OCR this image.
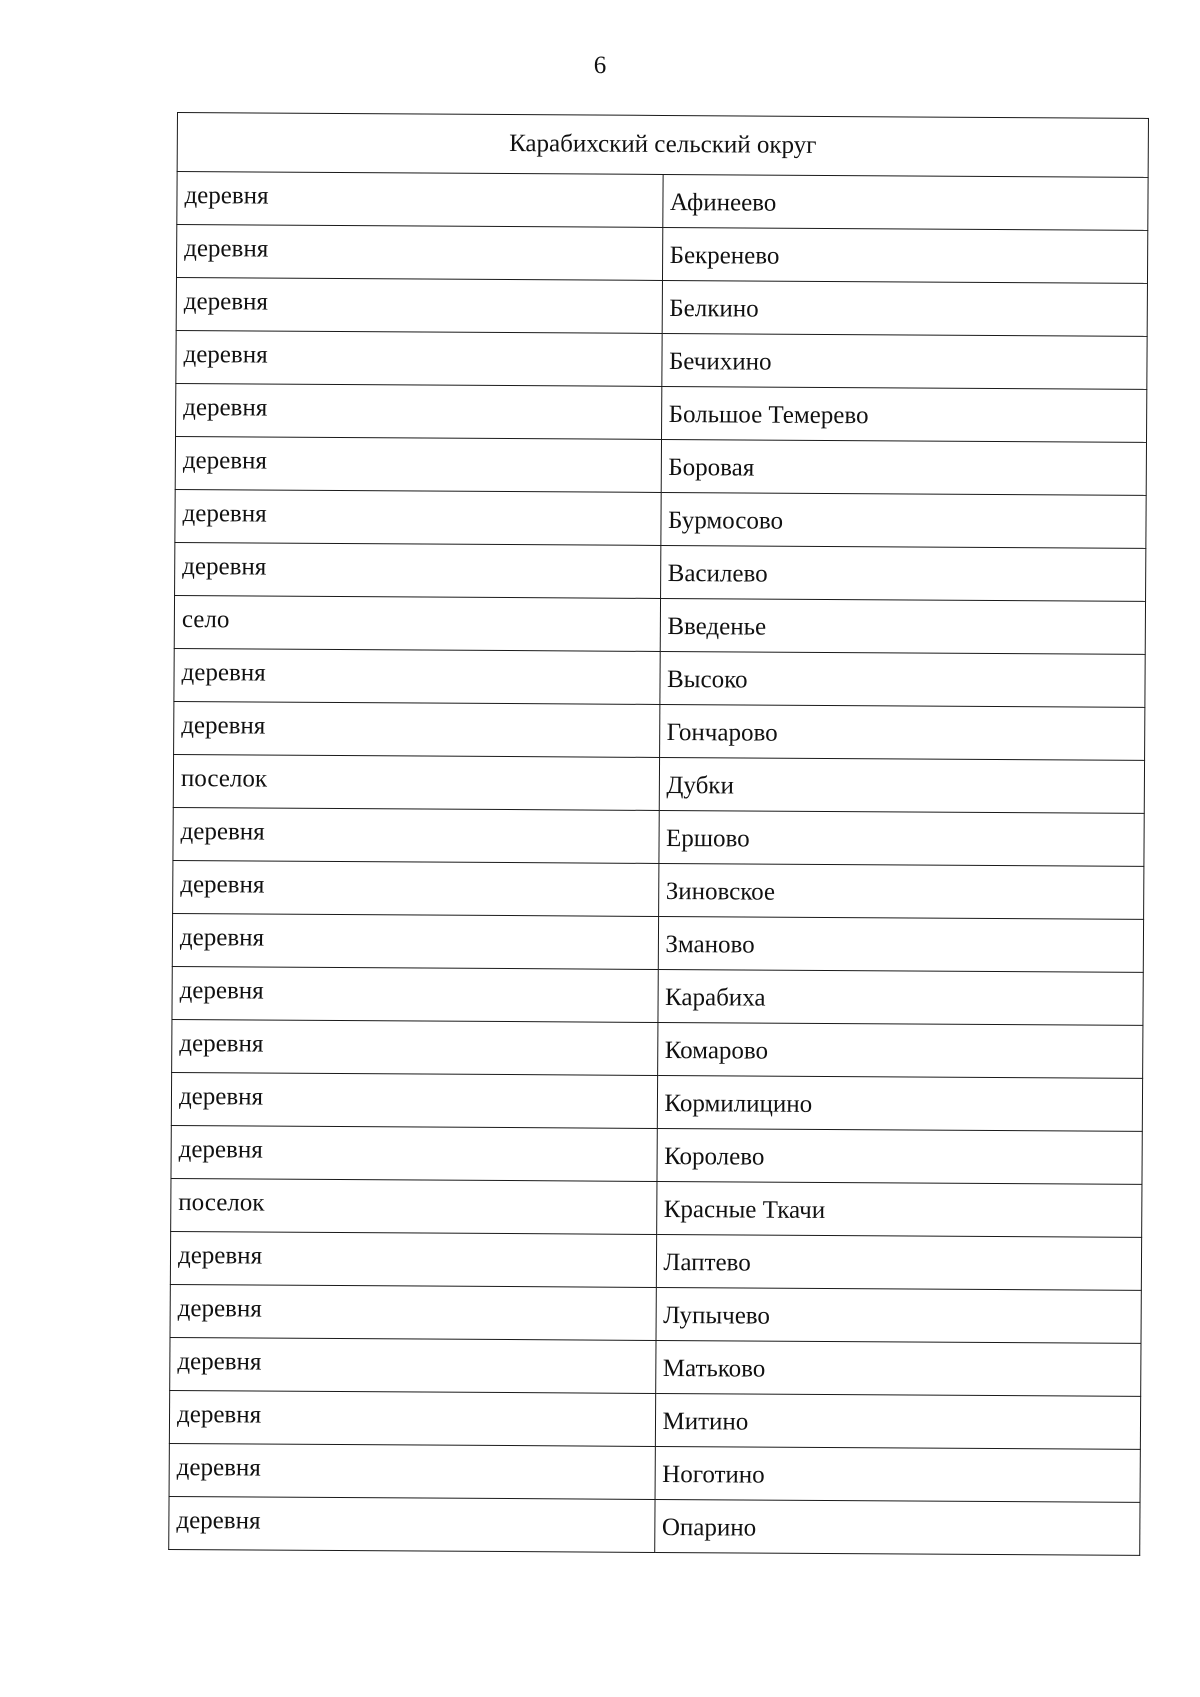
6
Карабихский сельский округ	
деревня	Афинеево
деревня	Бекренево
деревня	Белкино
деревня	Бечихино
деревня	Большое Темерево
деревня	Боровая
деревня	Бурмосово
деревня	Василево
село	Введенье
деревня	Высоко
деревня	Гончарово
поселок	Дубки
деревня	Ершово
деревня	Зиновское
деревня	Зманово
деревня	Карабиха
деревня	Комарово
деревня	Кормилицино
деревня	Королево
поселок	Красные Ткачи
деревня	Лаптево
деревня	Лупычево
деревня	Матьково
деревня	Митино
деревня	Ноготино
деревня	Опарино
